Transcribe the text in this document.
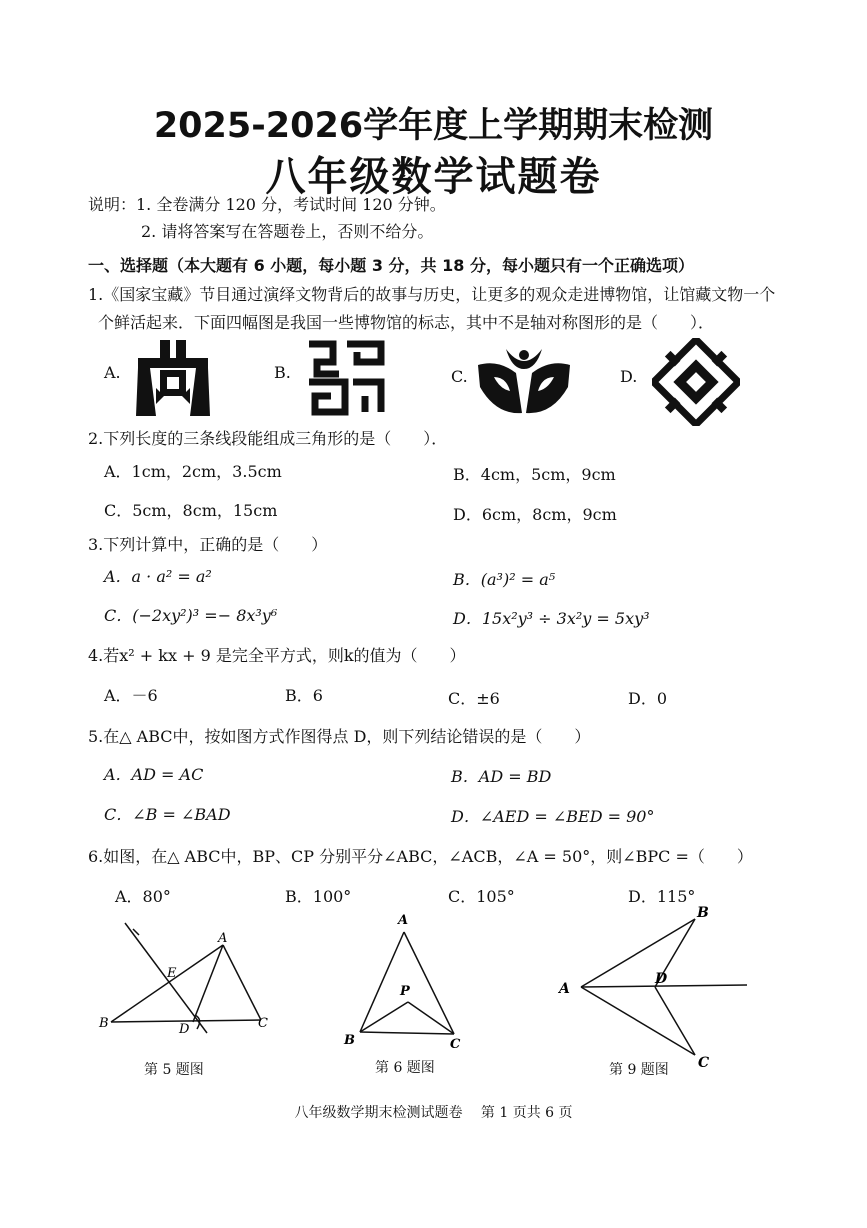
2025-2026学年度上学期期末检测
八年级数学试题卷
说明：1. 全卷满分 120 分，考试时间 120 分钟。
2. 请将答案写在答题卷上，否则不给分。
一、选择题（本大题有 6 小题，每小题 3 分，共 18 分，每小题只有一个正确选项）
1.《国家宝藏》节目通过演绎文物背后的故事与历史，让更多的观众走进博物馆，让馆藏文物一个
个鲜活起来．下面四幅图是我国一些博物馆的标志，其中不是轴对称图形的是（　　）．
A.	B.	C.	D.
2.下列长度的三条线段能组成三角形的是（　　）．
A．1cm，2cm，3.5cm	B．4cm，5cm，9cm
C．5cm，8cm，15cm	D．6cm，8cm，9cm
3.下列计算中，正确的是（　　）
A．a · a² = a²	B．(a³)² = a⁵
C．(−2xy²)³ =− 8x³y⁶	D．15x²y³ ÷ 3x²y = 5xy³
4.若x² + kx + 9 是完全平方式，则k的值为（　　）
A．－6	B．6	C．±6	D．0
5.在△ ABC中，按如图方式作图得点 D，则下列结论错误的是（　　）
A．AD = AC	B．AD = BD
C．∠B = ∠BAD	D．∠AED = ∠BED = 90°
6.如图，在△ ABC中，BP、CP 分别平分∠ABC，∠ACB，∠A = 50°，则∠BPC =（　　）
A．80°	B．100°	C．105°	D．115°
A
B	C
D
E
第 5 题图
A
B	C
P
第 6 题图
A
B
C
D
第 9 题图
八年级数学期末检测试题卷　 第 1 页共 6 页
